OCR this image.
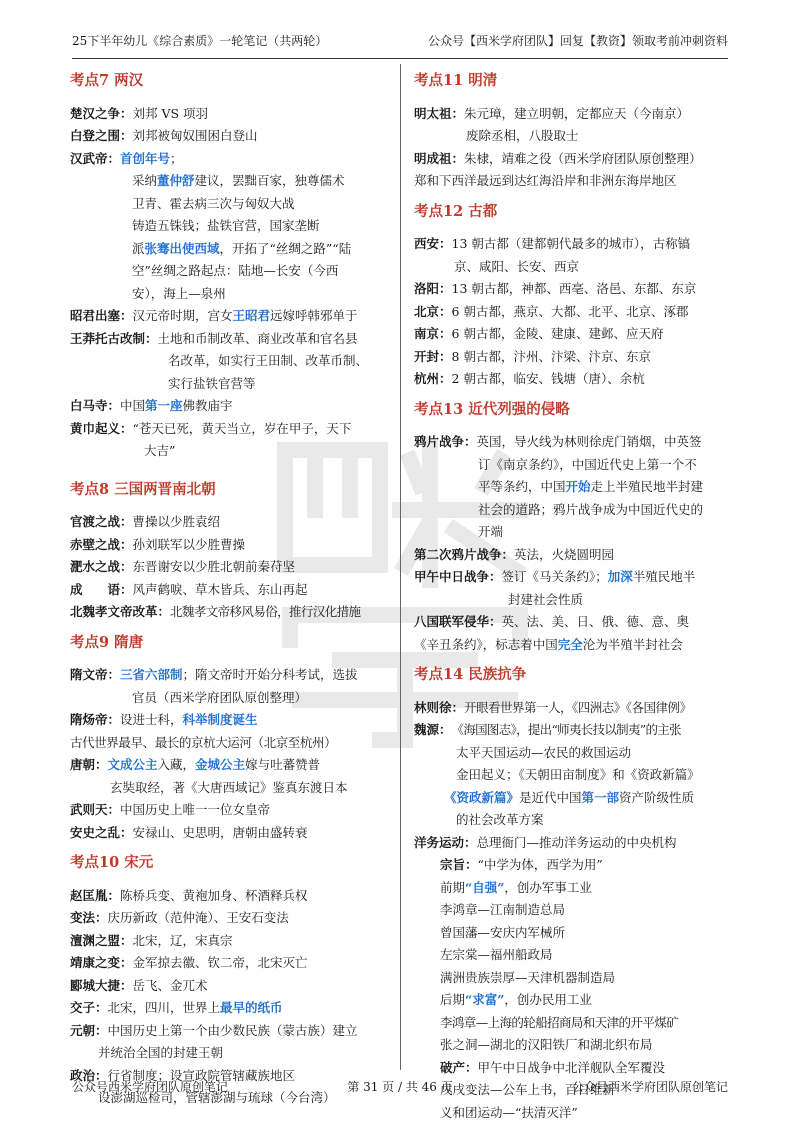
25下半年幼儿《综合素质》一轮笔记（共两轮）	公众号【西米学府团队】回复【教资】领取考前冲刺资料
考点7 两汉
楚汉之争： 刘邦 VS 项羽
白登之围： 刘邦被匈奴围困白登山
汉武帝： 首创年号；
采纳董仲舒建议，罢黜百家，独尊儒术
卫青、霍去病三次与匈奴大战
铸造五铢钱；盐铁官营，国家垄断
派张骞出使西域，开拓了“丝绸之路”“陆
空”丝绸之路起点：陆地—长安（今西
安），海上—泉州
昭君出塞： 汉元帝时期，宫女王昭君远嫁呼韩邪单于
王莽托古改制： 土地和币制改革、商业改革和官名县
名改革，如实行王田制、改革币制、
实行盐铁官营等
白马寺： 中国第一座佛教庙宇
黄巾起义： “苍天已死，黄天当立，岁在甲子，天下
大吉”
考点8 三国两晋南北朝
官渡之战： 曹操以少胜袁绍
赤壁之战： 孙刘联军以少胜曹操
淝水之战： 东晋谢安以少胜北朝前秦苻坚
成　　语： 风声鹤唳、草木皆兵、东山再起
北魏孝文帝改革： 北魏孝文帝移风易俗，推行汉化措施
考点9 隋唐
隋文帝： 三省六部制；隋文帝时开始分科考试，选拔
官员（西米学府团队原创整理）
隋炀帝： 设进士科，科举制度诞生
古代世界最早、最长的京杭大运河（北京至杭州）
唐朝： 文成公主入藏，金城公主嫁与吐蕃赞普
玄奘取经，著《大唐西域记》鉴真东渡日本
武则天： 中国历史上唯一一位女皇帝
安史之乱： 安禄山、史思明，唐朝由盛转衰
考点10 宋元
赵匡胤： 陈桥兵变、黄袍加身、杯酒释兵权
变法： 庆历新政（范仲淹）、王安石变法
澶渊之盟： 北宋，辽，宋真宗
靖康之变： 金军掠去徽、钦二帝，北宋灭亡
郾城大捷： 岳飞、金兀术
交子： 北宋，四川，世界上最早的纸币
元朝： 中国历史上第一个由少数民族（蒙古族）建立
并统治全国的封建王朝
政治： 行省制度；设宣政院管辖藏族地区
设澎湖巡检司，管辖澎湖与琉球（今台湾）
考点11 明清
明太祖： 朱元璋，建立明朝，定都应天（今南京）
废除丞相，八股取士
明成祖： 朱棣，靖难之役（西米学府团队原创整理）
郑和下西洋最远到达红海沿岸和非洲东海岸地区
考点12 古都
西安： 13 朝古都（建都朝代最多的城市），古称镐
京、咸阳、长安、西京
洛阳： 13 朝古都，神都、西亳、洛邑、东都、东京
北京： 6 朝古都，燕京、大都、北平、北京、涿郡
南京： 6 朝古都，金陵、建康、建邺、应天府
开封： 8 朝古都，汴州、汴梁、汴京、东京
杭州： 2 朝古都，临安、钱塘（唐）、余杭
考点13 近代列强的侵略
鸦片战争： 英国，导火线为林则徐虎门销烟，中英签
订《南京条约》，中国近代史上第一个不
平等条约，中国开始走上半殖民地半封建
社会的道路；鸦片战争成为中国近代史的
开端
第二次鸦片战争： 英法，火烧圆明园
甲午中日战争： 签订《马关条约》；加深半殖民地半
封建社会性质
八国联军侵华： 英、法、美、日、俄、德、意、奥
《辛丑条约》，标志着中国完全沦为半殖半封社会
考点14 民族抗争
林则徐： 开眼看世界第一人，《四洲志》《各国律例》
魏源： 《海国图志》，提出“师夷长技以制夷”的主张
太平天国运动—农民的救国运动
金田起义；《天朝田亩制度》和《资政新篇》
《资政新篇》是近代中国第一部资产阶级性质
的社会改革方案
洋务运动： 总理衙门—推动洋务运动的中央机构
宗旨： “中学为体，西学为用”
前期“自强”，创办军事工业
李鸿章—江南制造总局
曾国藩—安庆内军械所
左宗棠—福州船政局
满洲贵族崇厚—天津机器制造局
后期“求富”，创办民用工业
李鸿章—上海的轮船招商局和天津的开平煤矿
张之洞—湖北的汉阳铁厂和湖北织布局
破产： 甲午中日战争中北洋舰队全军覆没
戊戌变法—公车上书，百日维新
义和团运动—“扶清灭洋”
公众号西米学府团队原创笔记	第 31 页 / 共 46 页	公众号西米学府团队原创笔记
